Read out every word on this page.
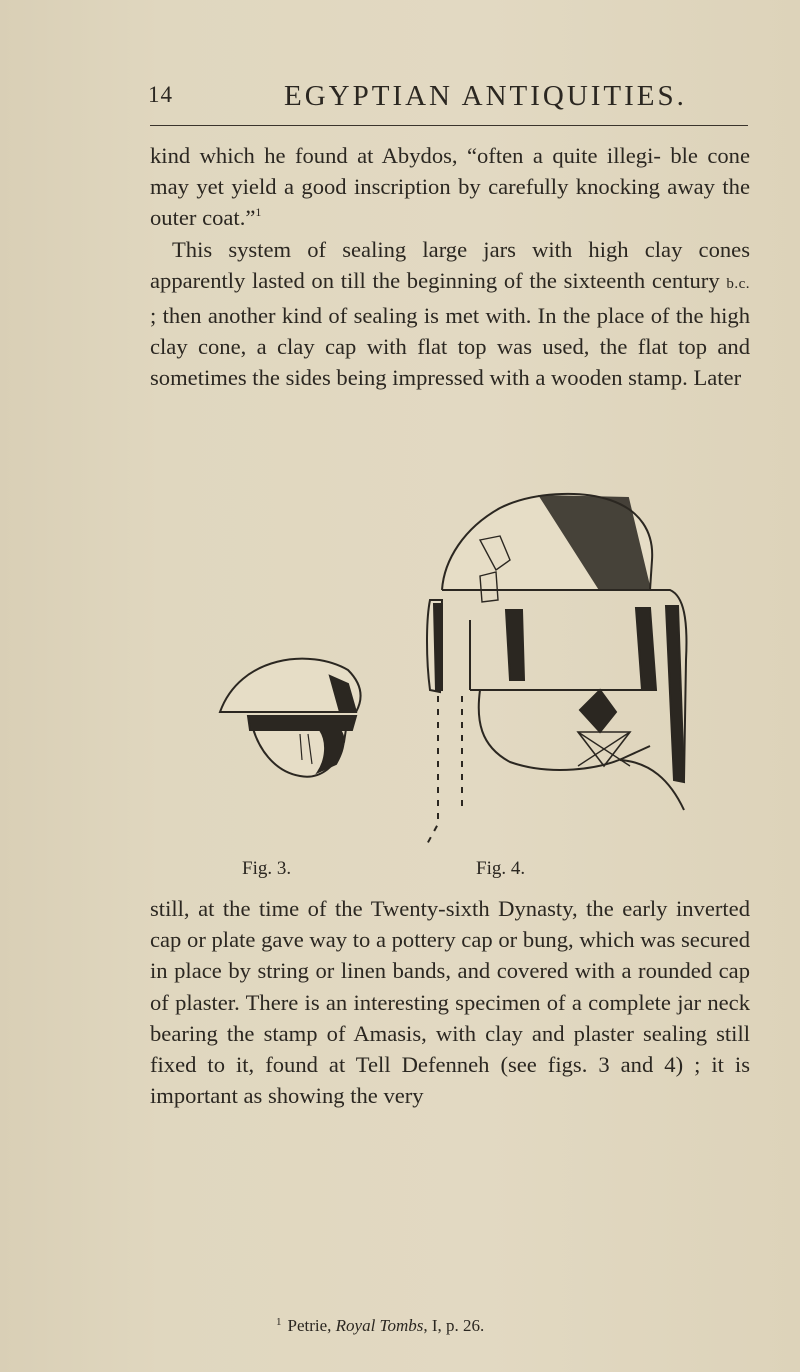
14	EGYPTIAN ANTIQUITIES.

kind which he found at Abydos, “often a quite illegi- ble cone may yet yield a good inscription by carefully knocking away the outer coat.”$^1$

This system of sealing large jars with high clay cones apparently lasted on till the beginning of the sixteenth century b.c. ; then another kind of sealing is met with. In the place of the high clay cone, a clay cap with flat top was used, the flat top and sometimes the sides being impressed with a wooden stamp. Later

Fig. 3.	Fig. 4.

still, at the time of the Twenty-sixth Dynasty, the early inverted cap or plate gave way to a pottery cap or bung, which was secured in place by string or linen bands, and covered with a rounded cap of plaster. There is an interesting specimen of a complete jar neck bearing the stamp of Amasis, with clay and plaster sealing still fixed to it, found at Tell Defenneh (see figs. 3 and 4) ; it is important as showing the very

$^1$ Petrie, Royal Tombs, I, p. 26.
